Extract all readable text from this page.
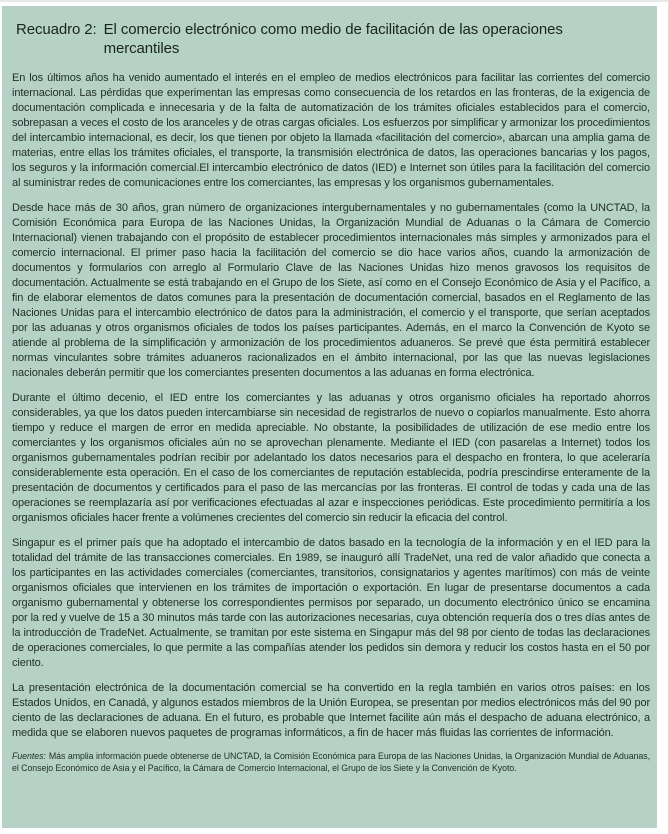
Recuadro 2: El comercio electrónico como medio de facilitación de las operaciones mercantiles

En los últimos años ha venido aumentado el interés en el empleo de medios electrónicos para facilitar las corrientes del comercio internacional. Las pérdidas que experimentan las empresas como consecuencia de los retardos en las fronteras, de la exigencia de documentación complicada e innecesaria y de la falta de automatización de los trámites oficiales establecidos para el comercio, sobrepasan a veces el costo de los aranceles y de otras cargas oficiales. Los esfuerzos por simplificar y armonizar los procedimientos del intercambio internacional, es decir, los que tienen por objeto la llamada «facilitación del comercio», abarcan una amplia gama de materias, entre ellas los trámites oficiales, el transporte, la transmisión electrónica de datos, las operaciones bancarias y los pagos, los seguros y la información comercial.El intercambio electrónico de datos (IED) e Internet son útiles para la facilitación del comercio al suministrar redes de comunicaciones entre los comerciantes, las empresas y los organismos gubernamentales.

Desde hace más de 30 años, gran número de organizaciones intergubernamentales y no gubernamentales (como la UNCTAD, la Comisión Económica para Europa de las Naciones Unidas, la Organización Mundial de Aduanas o la Cámara de Comercio Internacional) vienen trabajando con el propósito de establecer procedimientos internacionales más simples y armonizados para el comercio internacional. El primer paso hacia la facilitación del comercio se dio hace varios años, cuando la armonización de documentos y formularios con arreglo al Formulario Clave de las Naciones Unidas hizo menos gravosos los requisitos de documentación. Actualmente se está trabajando en el Grupo de los Siete, así como en el Consejo Económico de Asia y el Pacífico, a fin de elaborar elementos de datos comunes para la presentación de documentación comercial, basados en el Reglamento de las Naciones Unidas para el intercambio electrónico de datos para la administración, el comercio y el transporte, que serían aceptados por las aduanas y otros organismos oficiales de todos los países participantes. Además, en el marco la Convención de Kyoto se atiende al problema de la simplificación y armonización de los procedimientos aduaneros. Se prevé que ésta permitirá establecer normas vinculantes sobre trámites aduaneros racionalizados en el ámbito internacional, por las que las nuevas legislaciones nacionales deberán permitir que los comerciantes presenten documentos a las aduanas en forma electrónica.

Durante el último decenio, el IED entre los comerciantes y las aduanas y otros organismo oficiales ha reportado ahorros considerables, ya que los datos pueden intercambiarse sin necesidad de registrarlos de nuevo o copiarlos manualmente. Esto ahorra tiempo y reduce el margen de error en medida apreciable. No obstante, la posibilidades de utilización de ese medio entre los comerciantes y los organismos oficiales aún no se aprovechan plenamente. Mediante el IED (con pasarelas a Internet) todos los organismos gubernamentales podrían recibir por adelantado los datos necesarios para el despacho en frontera, lo que aceleraría considerablemente esta operación. En el caso de los comerciantes de reputación establecida, podría prescindirse enteramente de la presentación de documentos y certificados para el paso de las mercancías por las fronteras. El control de todas y cada una de las operaciones se reemplazaría así por verificaciones efectuadas al azar e inspecciones periódicas. Este procedimiento permitiría a los organismos oficiales hacer frente a volúmenes crecientes del comercio sin reducir la eficacia del control.

Singapur es el primer país que ha adoptado el intercambio de datos basado en la tecnología de la información y en el IED para la totalidad del trámite de las transacciones comerciales. En 1989, se inauguró allí TradeNet, una red de valor añadido que conecta a los participantes en las actividades comerciales (comerciantes, transitorios, consignatarios y agentes marítimos) con más de veinte organismos oficiales que intervienen en los trámites de importación o exportación. En lugar de presentarse documentos a cada organismo gubernamental y obtenerse los correspondientes permisos por separado, un documento electrónico único se encamina por la red y vuelve de 15 a 30 minutos más tarde con las autorizaciones necesarias, cuya obtención requería dos o tres días antes de la introducción de TradeNet. Actualmente, se tramitan por este sistema en Singapur más del 98 por ciento de todas las declaraciones de operaciones comerciales, lo que permite a las compañías atender los pedidos sin demora y reducir los costos hasta en el 50 por ciento.

La presentación electrónica de la documentación comercial se ha convertido en la regla también en varios otros países: en los Estados Unidos, en Canadá, y algunos estados miembros de la Unión Europea, se presentan por medios electrónicos más del 90 por ciento de las declaraciones de aduana. En el futuro, es probable que Internet facilite aún más el despacho de aduana electrónico, a medida que se elaboren nuevos paquetes de programas informáticos, a fin de hacer más fluidas las corrientes de información.

Fuentes: Más amplia información puede obtenerse de UNCTAD, la Comisión Económica para Europa de las Naciones Unidas, la Organización Mundial de Aduanas, el Consejo Económico de Asia y el Pacífico, la Cámara de Comercio Internacional, el Grupo de los Siete y la Convención de Kyoto.
